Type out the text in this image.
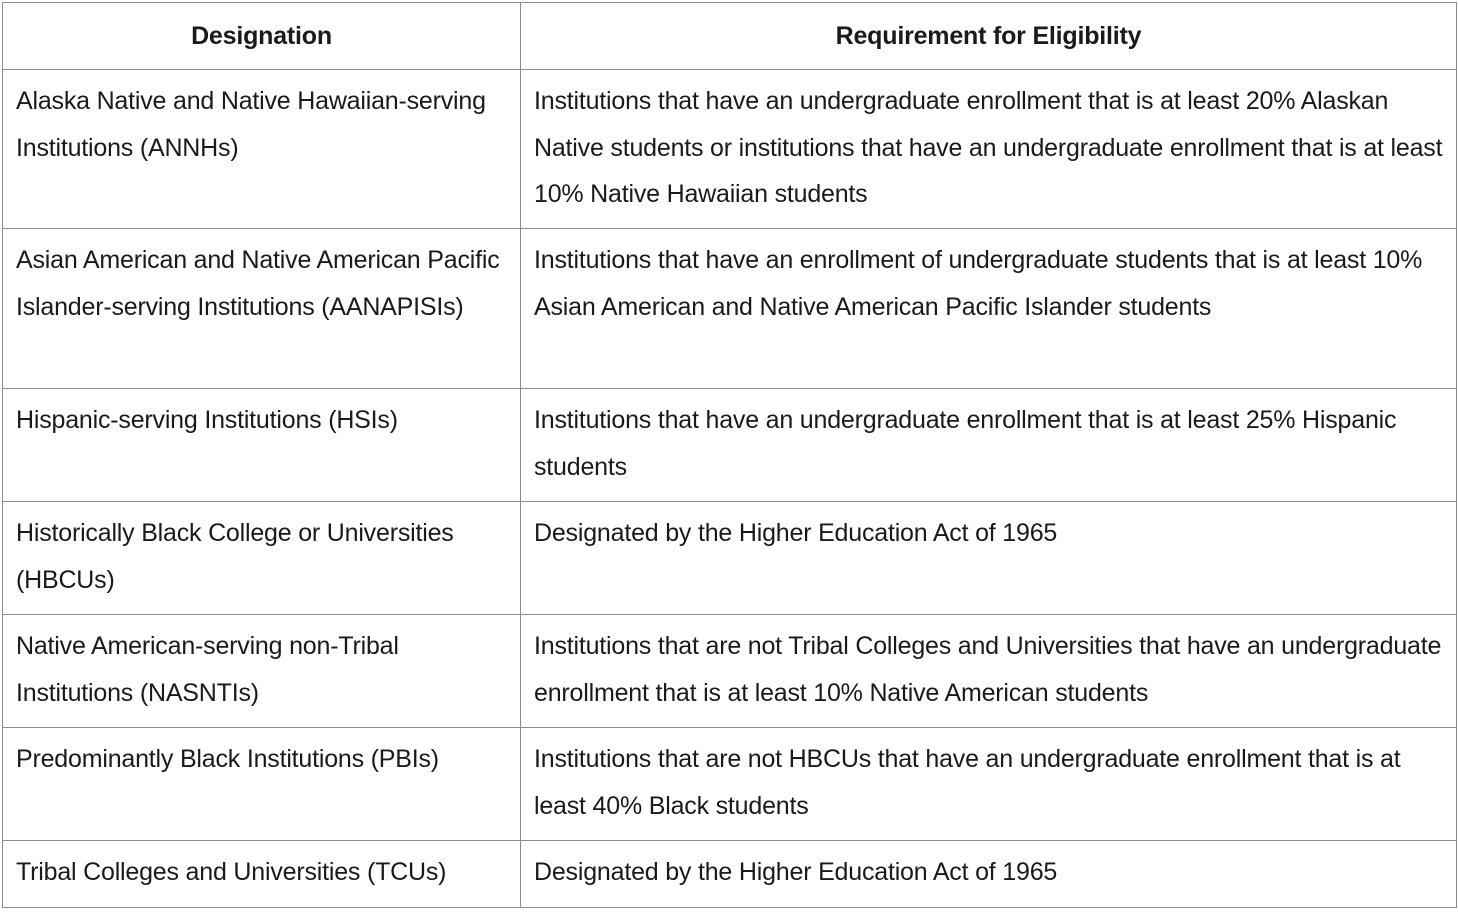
Designation	Requirement for Eligibility
Alaska Native and Native Hawaiian-serving Institutions (ANNHs)	Institutions that have an undergraduate enrollment that is at least 20% Alaskan Native students or institutions that have an undergraduate enrollment that is at least 10% Native Hawaiian students
Asian American and Native American Pacific Islander-serving Institutions (AANAPISIs)	Institutions that have an enrollment of undergraduate students that is at least 10% Asian American and Native American Pacific Islander students
Hispanic-serving Institutions (HSIs)	Institutions that have an undergraduate enrollment that is at least 25% Hispanic students
Historically Black College or Universities (HBCUs)	Designated by the Higher Education Act of 1965
Native American-serving non-Tribal Institutions (NASNTIs)	Institutions that are not Tribal Colleges and Universities that have an undergraduate enrollment that is at least 10% Native American students
Predominantly Black Institutions (PBIs)	Institutions that are not HBCUs that have an undergraduate enrollment that is at least 40% Black students
Tribal Colleges and Universities (TCUs)	Designated by the Higher Education Act of 1965
